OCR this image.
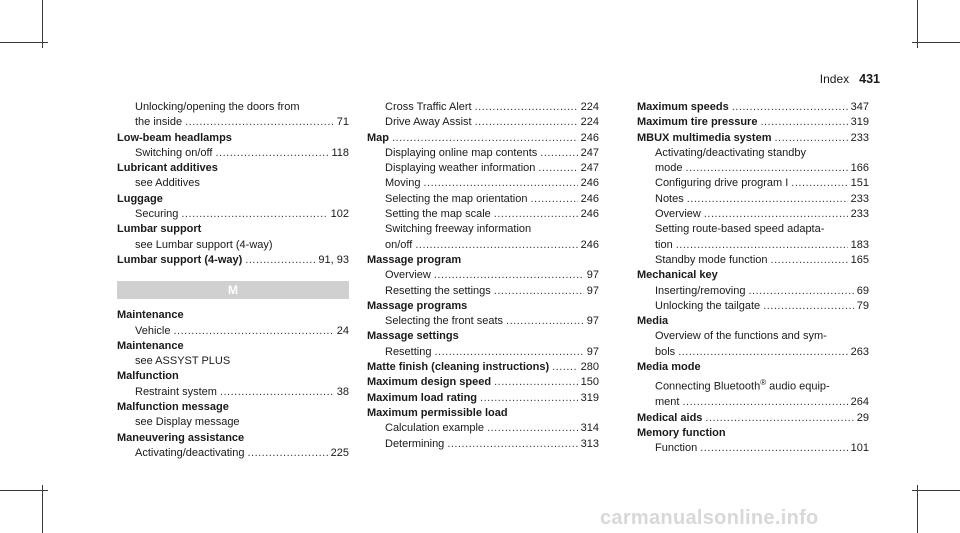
Index 431
Unlocking/opening the doors from
the inside .....	71
Low-beam headlamps
Switching on/off .....	118
Lubricant additives
see Additives
Luggage
Securing .....	102
Lumbar support
see Lumbar support (4-way)
Lumbar support (4-way) .....	91, 93
M
Maintenance
Vehicle .....	24
Maintenance
see ASSYST PLUS
Malfunction
Restraint system .....	38
Malfunction message
see Display message
Maneuvering assistance
Activating/deactivating .....	225
Cross Traffic Alert .....	224
Drive Away Assist .....	224
Map .....	246
Displaying online map contents .....	247
Displaying weather information .....	247
Moving .....	246
Selecting the map orientation .....	246
Setting the map scale .....	246
Switching freeway information
on/off .....	246
Massage program
Overview .....	97
Resetting the settings .....	97
Massage programs
Selecting the front seats .....	97
Massage settings
Resetting .....	97
Matte finish (cleaning instructions) .....	280
Maximum design speed .....	150
Maximum load rating .....	319
Maximum permissible load
Calculation example .....	314
Determining .....	313
Maximum speeds .....	347
Maximum tire pressure .....	319
MBUX multimedia system .....	233
Activating/deactivating standby
mode .....	166
Configuring drive program I .....	151
Notes .....	233
Overview .....	233
Setting route-based speed adapta-
tion .....	183
Standby mode function .....	165
Mechanical key
Inserting/removing .....	69
Unlocking the tailgate .....	79
Media
Overview of the functions and sym-
bols .....	263
Media mode
Connecting Bluetooth® audio equip-
ment .....	264
Medical aids .....	29
Memory function
Function .....	101
carmanualsonline.info
